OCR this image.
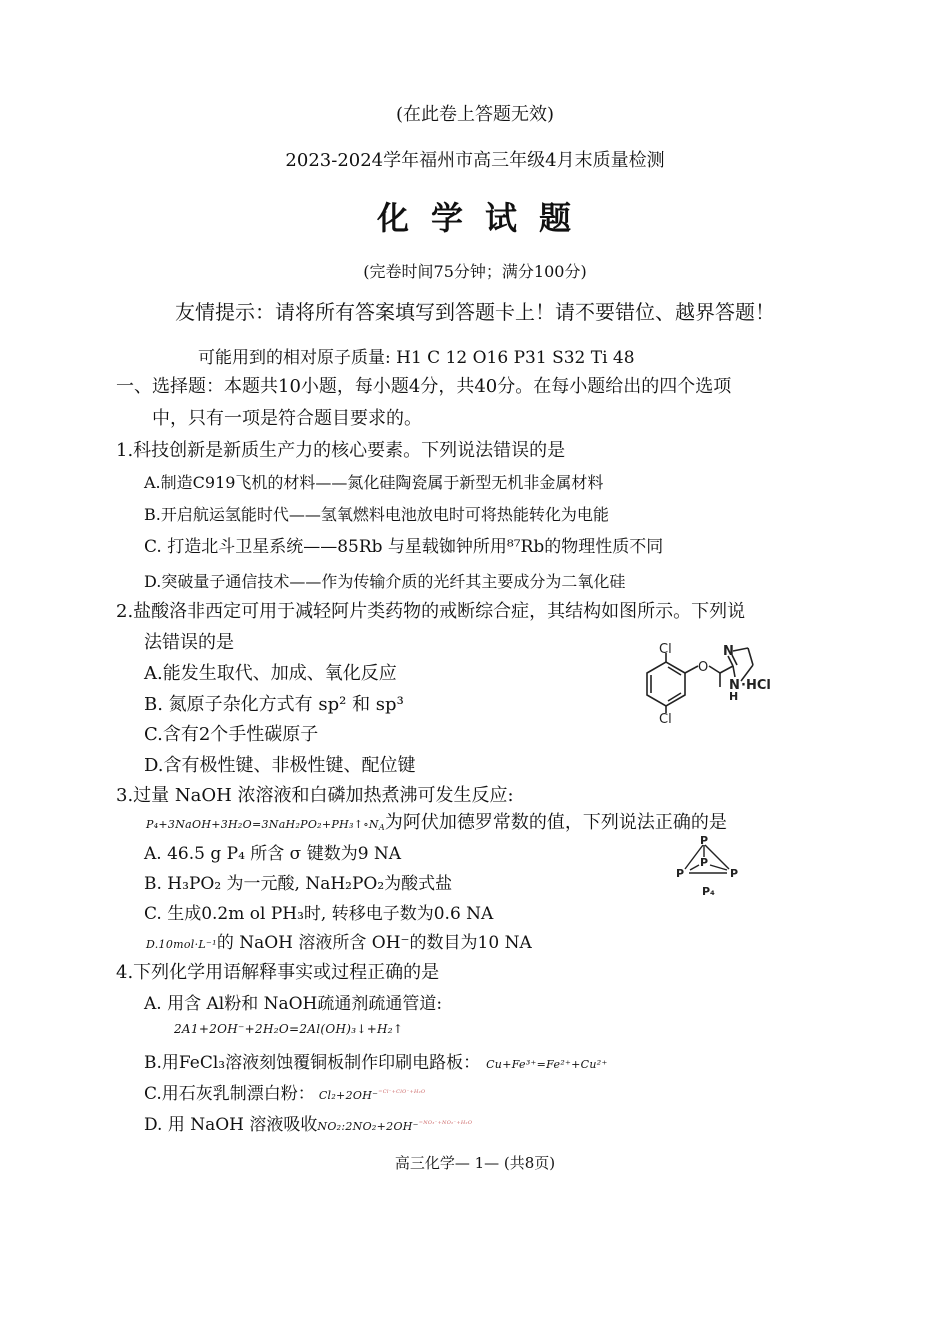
(在此卷上答题无效)
2023-2024学年福州市高三年级4月末质量检测
化学试题
(完卷时间75分钟；满分100分)
友情提示：请将所有答案填写到答题卡上！请不要错位、越界答题！
可能用到的相对原子质量: H1 C 12 O16 P31 S32 Ti 48
一、选择题：本题共10小题，每小题4分，共40分。在每小题给出的四个选项
中，只有一项是符合题目要求的。
1.科技创新是新质生产力的核心要素。下列说法错误的是
A.制造C919飞机的材料——氮化硅陶瓷属于新型无机非金属材料
B.开启航运氢能时代——氢氧燃料电池放电时可将热能转化为电能
C. 打造北斗卫星系统——85Rb 与星载铷钟所用⁸⁷Rb的物理性质不同
D.突破量子通信技术——作为传输介质的光纤其主要成分为二氧化硅
2.盐酸洛非西定可用于减轻阿片类药物的戒断综合症，其结构如图所示。下列说
法错误的是
A.能发生取代、加成、氧化反应
B. 氮原子杂化方式有 sp² 和 sp³
C.含有2个手性碳原子
D.含有极性键、非极性键、配位键
Cl
Cl
O
N
N
H
·HCl
3.过量 NaOH 浓溶液和白磷加热煮沸可发生反应:
P₄+3NaOH+3H₂O=3NaH₂PO₂+PH₃↑∘NA为阿伏加德罗常数的值，下列说法正确的是
A. 46.5 g P₄ 所含 σ 键数为9 NA
B. H₃PO₂ 为一元酸, NaH₂PO₂为酸式盐
C. 生成0.2m ol PH₃时, 转移电子数为0.6 NA
D.10mol·L⁻¹的 NaOH 溶液所含 OH⁻的数目为10 NA
P
P
P	P
P₄
4.下列化学用语解释事实或过程正确的是
A. 用含 Al粉和 NaOH疏通剂疏通管道:
2A1+2OH⁻+2H₂O=2Al(OH)₃↓+H₂↑
B.用FeCl₃溶液刻蚀覆铜板制作印刷电路板： Cu+Fe³⁺=Fe²⁺+Cu²⁺
C.用石灰乳制漂白粉： Cl₂+2OH⁻$^{=Cl^-+ClO^-+H_2O}$
D. 用 NaOH 溶液吸收NO₂:2NO₂+2OH⁻$^{=NO_3^-+NO_2^-+H_2O}$
高三化学— 1— (共8页)
